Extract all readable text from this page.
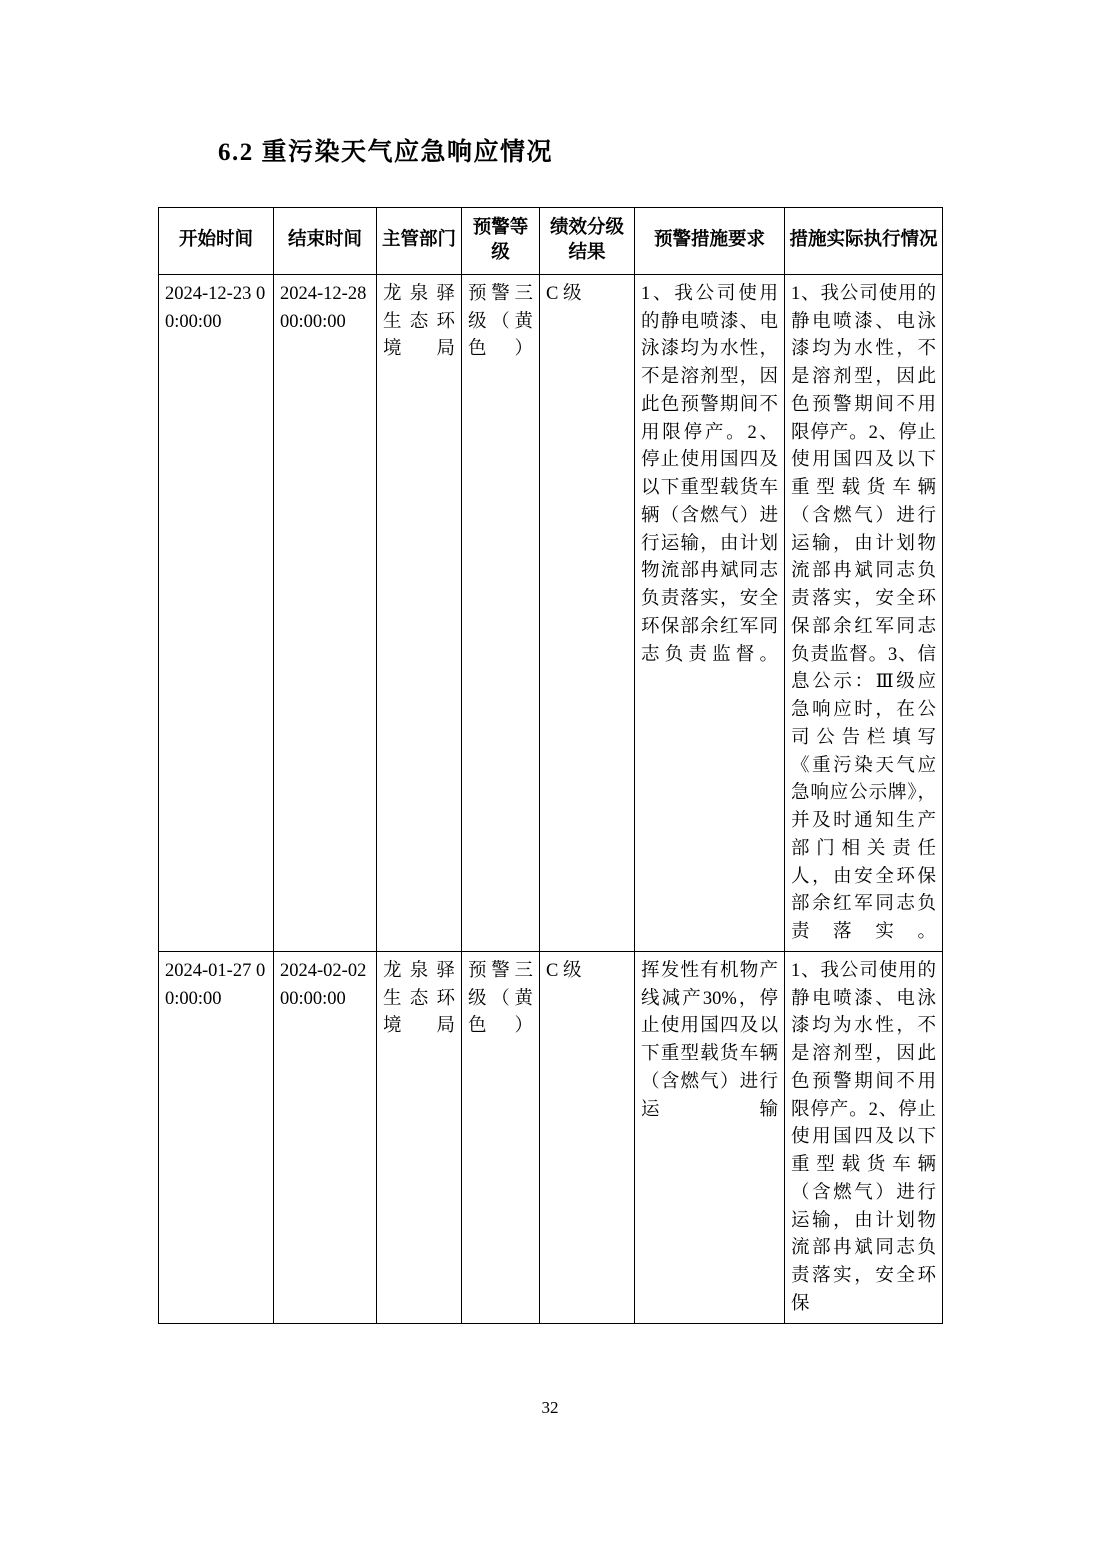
6.2 重污染天气应急响应情况
开始时间	结束时间	主管部门	预警等级	绩效分级结果	预警措施要求	措施实际执行情况
2024-12-23 00:00:00	2024-12-28 00:00:00	龙泉驿生态环境局	预警三级（黄色）	C 级	1、我公司使用的静电喷漆、电泳漆均为水性，不是溶剂型，因此色预警期间不用限停产。2、停止使用国四及以下重型载货车辆（含燃气）进行运输，由计划物流部冉斌同志负责落实，安全环保部余红军同志负责监督。	1、我公司使用的静电喷漆、电泳漆均为水性，不是溶剂型，因此色预警期间不用限停产。2、停止使用国四及以下重型载货车辆（含燃气）进行运输，由计划物流部冉斌同志负责落实，安全环保部余红军同志负责监督。3、信息公示：Ⅲ级应急响应时，在公司公告栏填写《重污染天气应急响应公示牌》，并及时通知生产部门相关责任人，由安全环保部余红军同志负责落实。
2024-01-27 00:00:00	2024-02-02 00:00:00	龙泉驿生态环境局	预警三级（黄色）	C 级	挥发性有机物产线减产30%，停止使用国四及以下重型载货车辆（含燃气）进行运输	1、我公司使用的静电喷漆、电泳漆均为水性，不是溶剂型，因此色预警期间不用限停产。2、停止使用国四及以下重型载货车辆（含燃气）进行运输，由计划物流部冉斌同志负责落实，安全环保
32
